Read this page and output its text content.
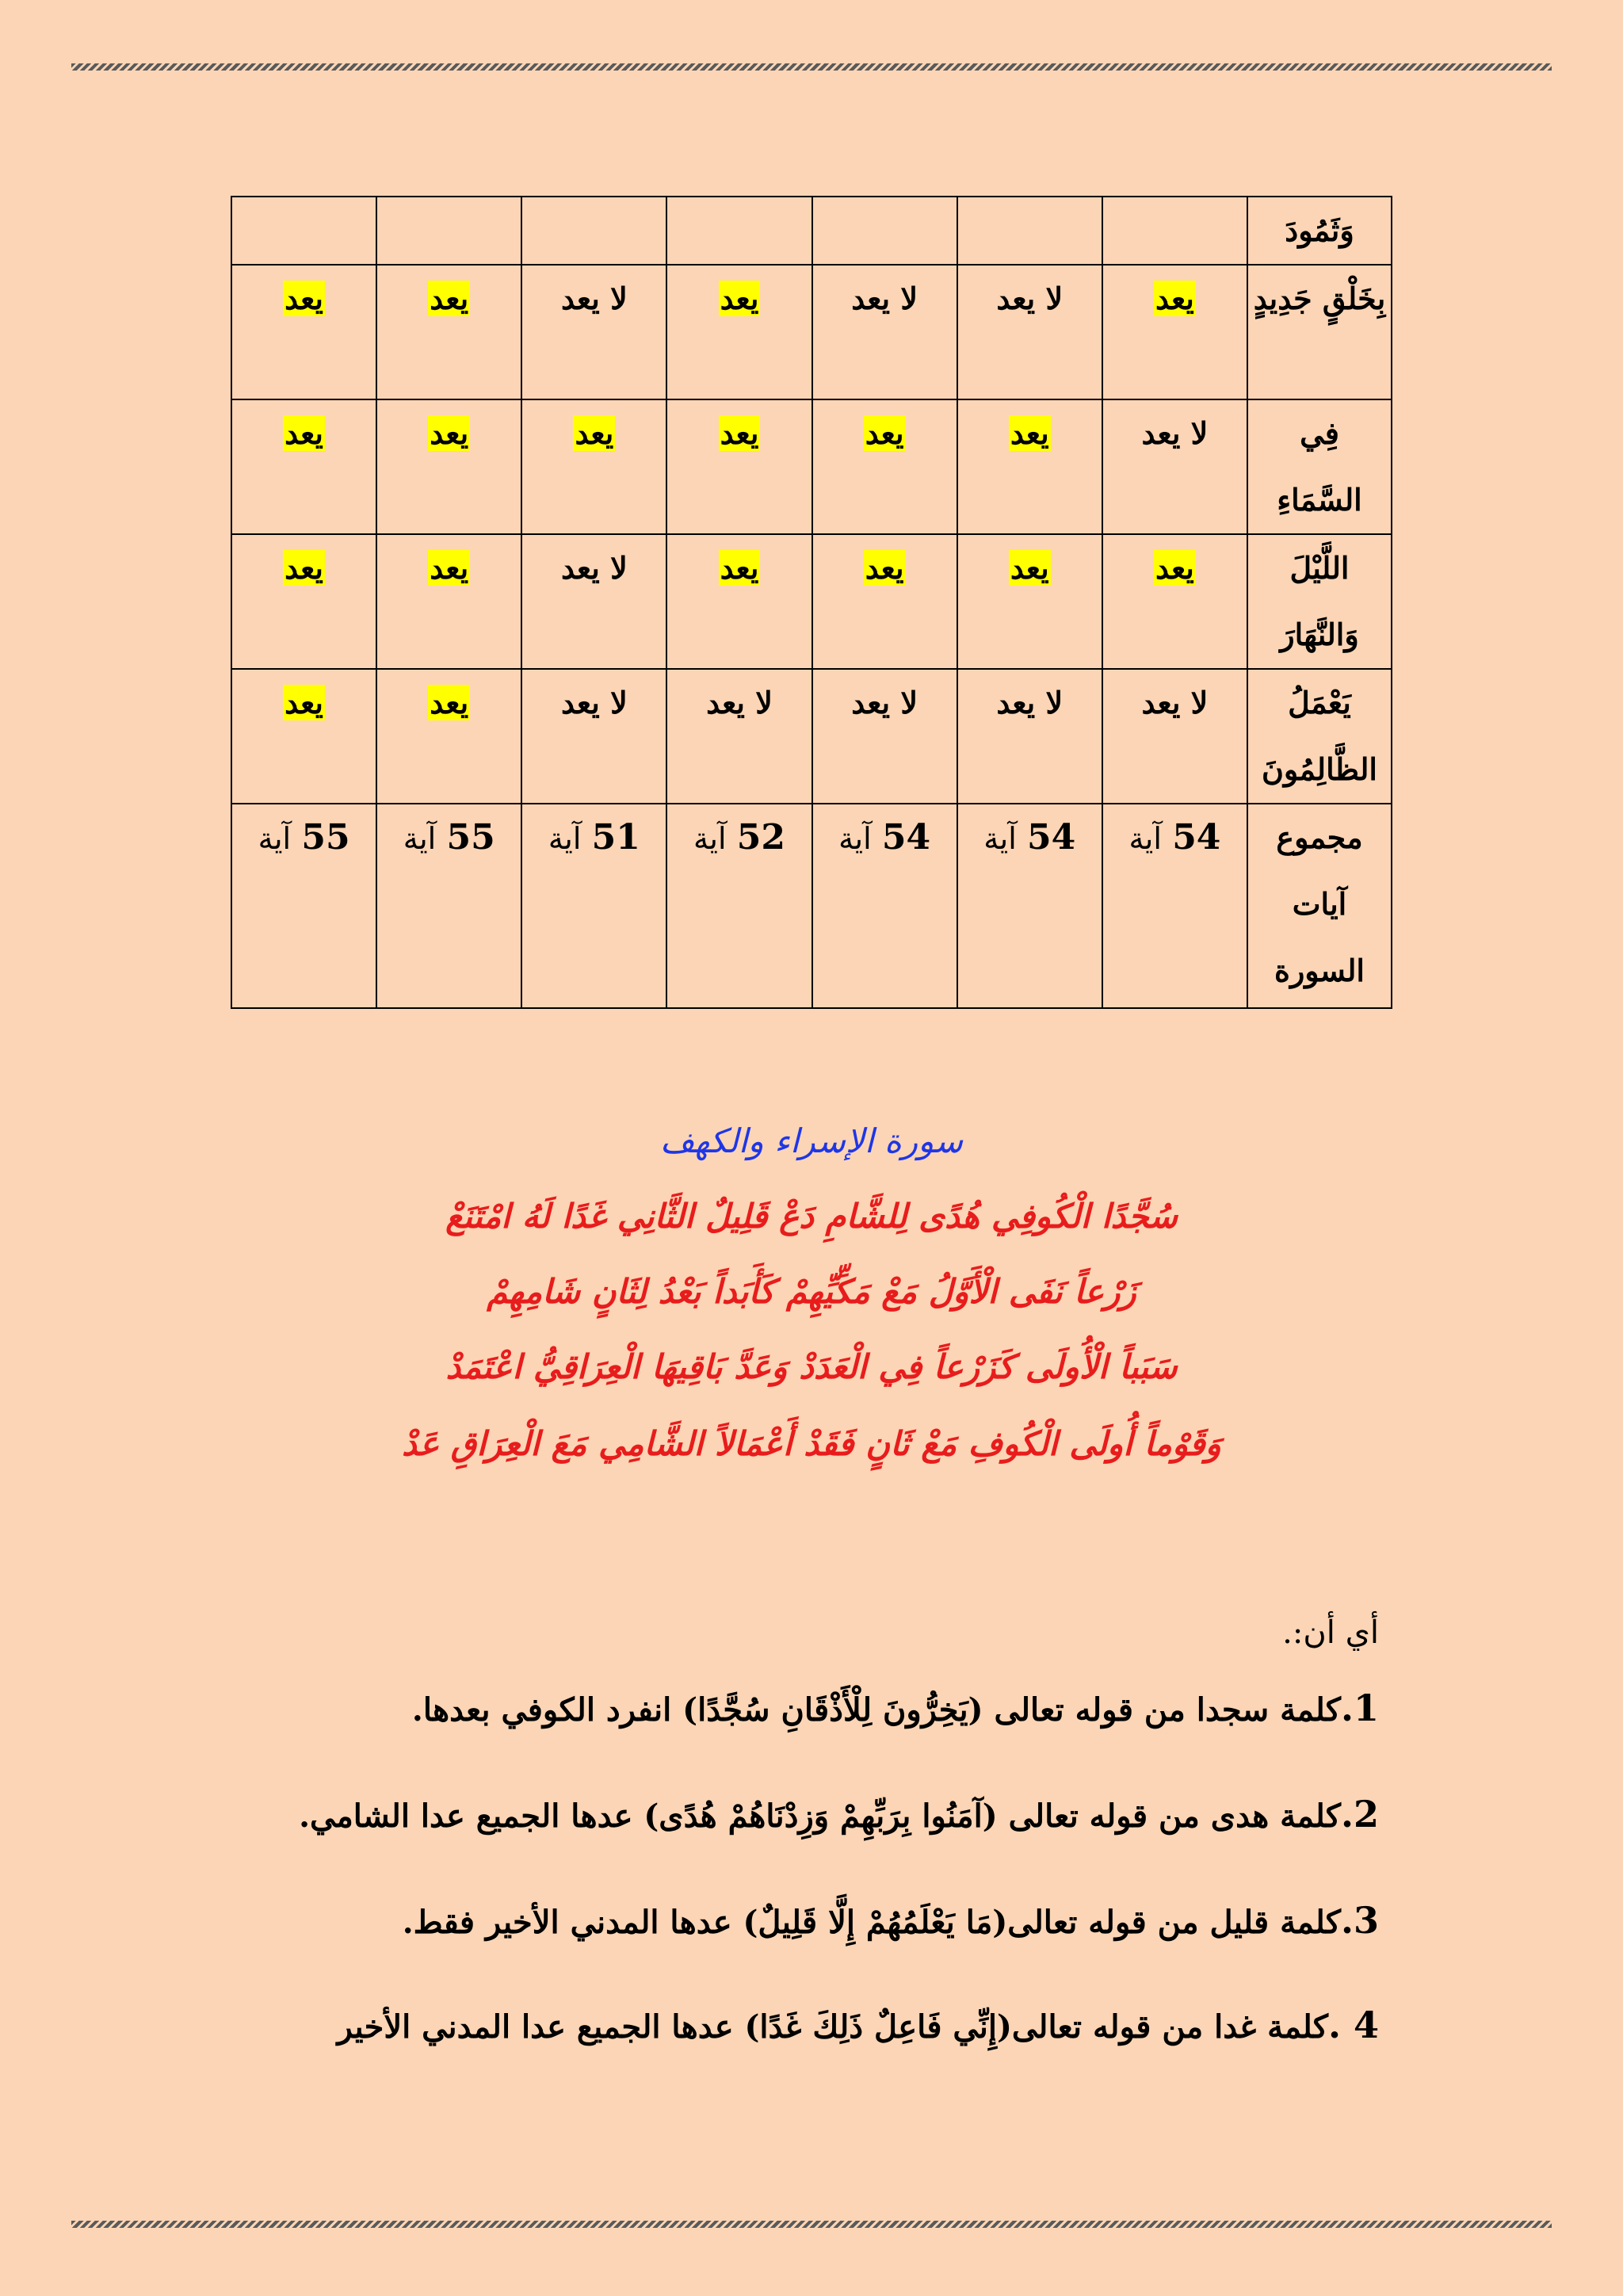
وَثَمُودَ							
بِخَلْقٍ جَدِيدٍ	يعد	لا يعد	لا يعد	يعد	لا يعد	يعد	يعد
فِي السَّمَاءِ	لا يعد	يعد	يعد	يعد	يعد	يعد	يعد
اللَّيْلَ وَالنَّهَارَ	يعد	يعد	يعد	يعد	لا يعد	يعد	يعد
يَعْمَلُ الظَّالِمُونَ	لا يعد	لا يعد	لا يعد	لا يعد	لا يعد	يعد	يعد
مجموع آيات السورة	54 آية	54 آية	54 آية	52 آية	51 آية	55 آية	55 آية
سورة الإسراء والكهف
سُجَّدًا الْكُوفِي هُدًى لِلشَّامِ دَعْ قَلِيلٌ الثَّانِي غَدًا لَهُ امْتَنَعْ
زَرْعاً نَفَى الْأَوَّلُ مَعْ مَكِّيِّهِمْ كَأَبَداً بَعْدُ لِثَانٍ شَامِهِمْ
سَبَباً الْأُولَى كَزَرْعاً فِي الْعَدَدْ وَعَدَّ بَاقِيهَا الْعِرَاقِيُّ اعْتَمَدْ
وَقَوْماً أُولَى الْكُوفِ مَعْ ثَانٍ فَقَدْ أَعْمَالاً الشَّامِي مَعَ الْعِرَاقِ عَدْ
أي أن:.
1.كلمة سجدا من قوله تعالى (يَخِرُّونَ لِلْأَذْقَانِ سُجَّدًا) انفرد الكوفي بعدها.
2.كلمة هدى من قوله تعالى (آمَنُوا بِرَبِّهِمْ وَزِدْنَاهُمْ هُدًى) عدها الجميع عدا الشامي.
3.كلمة قليل من قوله تعالى(مَا يَعْلَمُهُمْ إِلَّا قَلِيلٌ) عدها المدني الأخير فقط.
4 .كلمة غدا من قوله تعالى(إِنِّي فَاعِلٌ ذَلِكَ غَدًا) عدها الجميع عدا المدني الأخير
